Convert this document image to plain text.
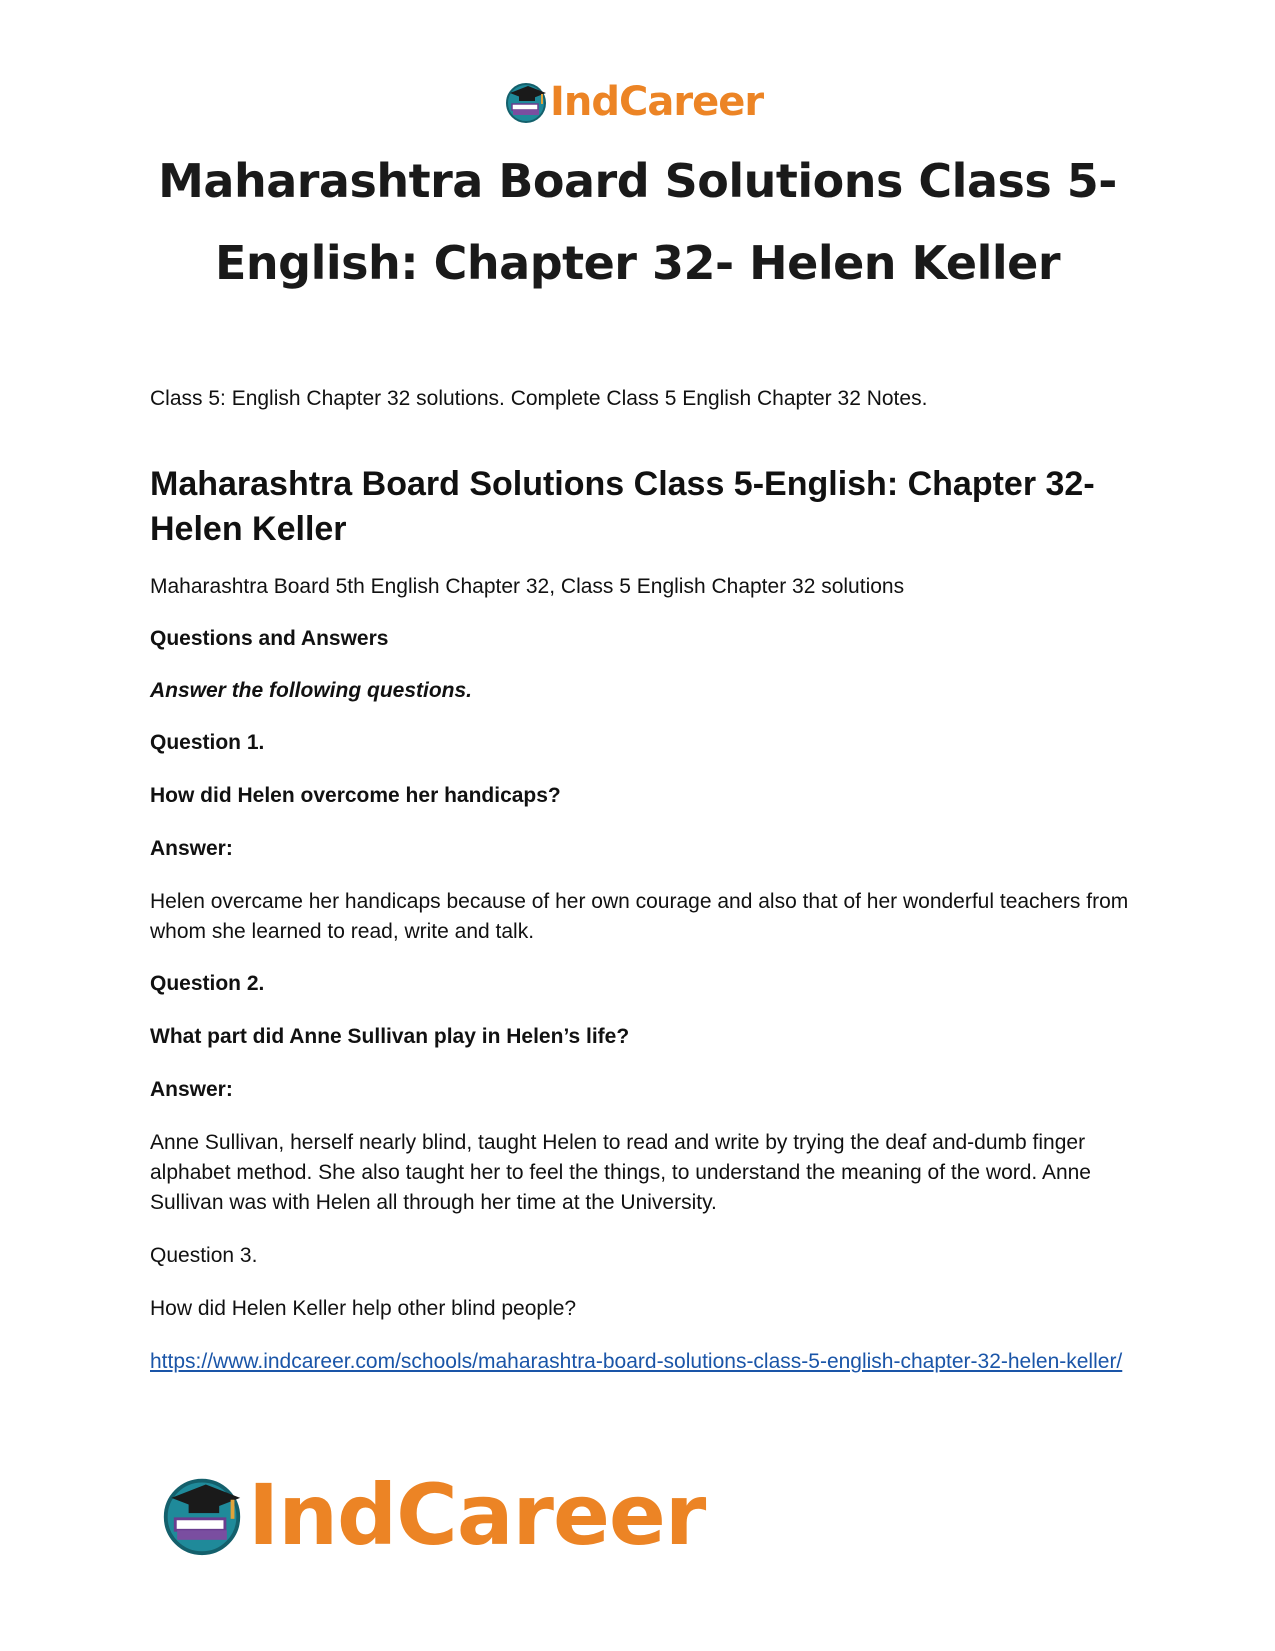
IndCareer
Maharashtra Board Solutions Class 5-English: Chapter 32- Helen Keller

Class 5: English Chapter 32 solutions. Complete Class 5 English Chapter 32 Notes.

Maharashtra Board Solutions Class 5-English: Chapter 32- Helen Keller

Maharashtra Board 5th English Chapter 32, Class 5 English Chapter 32 solutions

Questions and Answers

Answer the following questions.

Question 1.

How did Helen overcome her handicaps?

Answer:

Helen overcame her handicaps because of her own courage and also that of her wonderful teachers from whom she learned to read, write and talk.

Question 2.

What part did Anne Sullivan play in Helen’s life?

Answer:

Anne Sullivan, herself nearly blind, taught Helen to read and write by trying the deaf and-dumb finger alphabet method. She also taught her to feel the things, to understand the meaning of the word. Anne Sullivan was with Helen all through her time at the University.

Question 3.

How did Helen Keller help other blind people?

https://www.indcareer.com/schools/maharashtra-board-solutions-class-5-english-chapter-32-helen-keller/

IndCareer
